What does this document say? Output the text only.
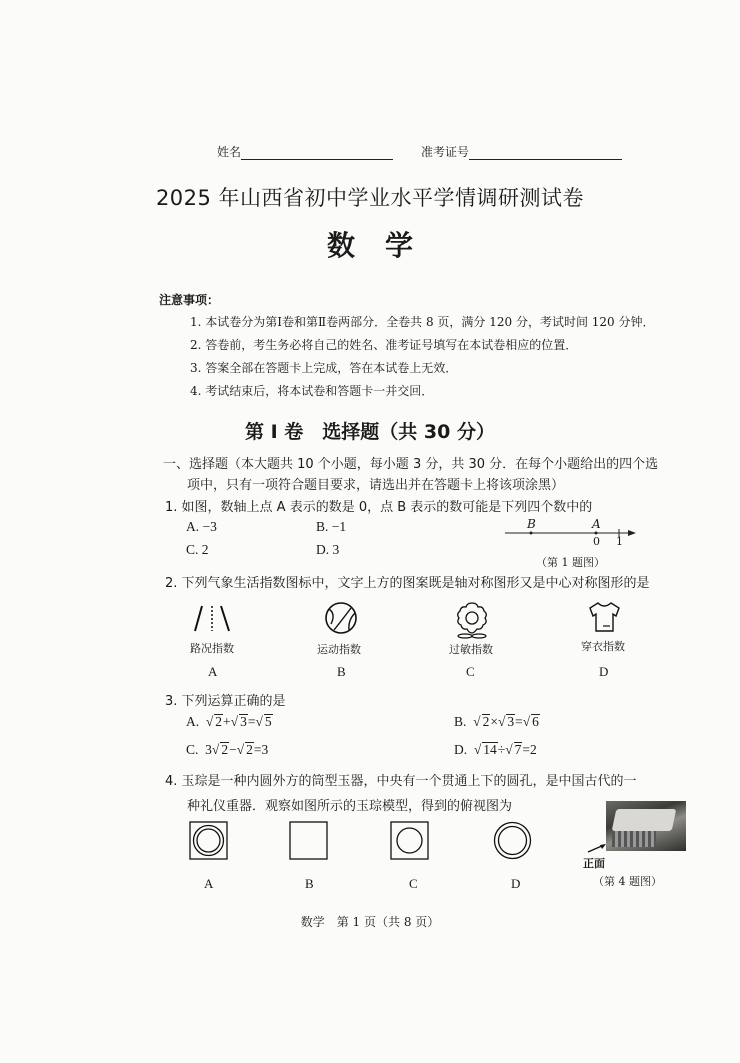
姓名	准考证号
2025 年山西省初中学业水平学情调研测试卷
数学
注意事项：
1. 本试卷分为第Ⅰ卷和第Ⅱ卷两部分．全卷共 8 页，满分 120 分，考试时间 120 分钟．
2. 答卷前，考生务必将自己的姓名、准考证号填写在本试卷相应的位置．
3. 答案全部在答题卡上完成，答在本试卷上无效．
4. 考试结束后，将本试卷和答题卡一并交回．
第 I 卷　选择题（共 30 分）
一、选择题（本大题共 10 个小题，每小题 3 分，共 30 分．在每个小题给出的四个选
项中，只有一项符合题目要求，请选出并在答题卡上将该项涂黑）
1. 如图，数轴上点 A 表示的数是 0，点 B 表示的数可能是下列四个数中的
A. −3	B. −1
C. 2	D. 3
B	A
0 1
（第 1 题图）
2. 下列气象生活指数图标中，文字上方的图案既是轴对称图形又是中心对称图形的是
路况指数
A
运动指数
B
过敏指数
C
穿衣指数
D
3. 下列运算正确的是
A.  √ 2+√ 3=√ 5	B.  √ 2×√ 3=√ 6
C. 3√ 2−√ 2=3	D.  √ 14÷√ 7=2
4. 玉琮是一种内圆外方的筒型玉器，中央有一个贯通上下的圆孔，是中国古代的一
种礼仪重器．观察如图所示的玉琮模型，得到的俯视图为
A	B	C	D
正面
（第 4 题图）
数学　第 1 页（共 8 页）
